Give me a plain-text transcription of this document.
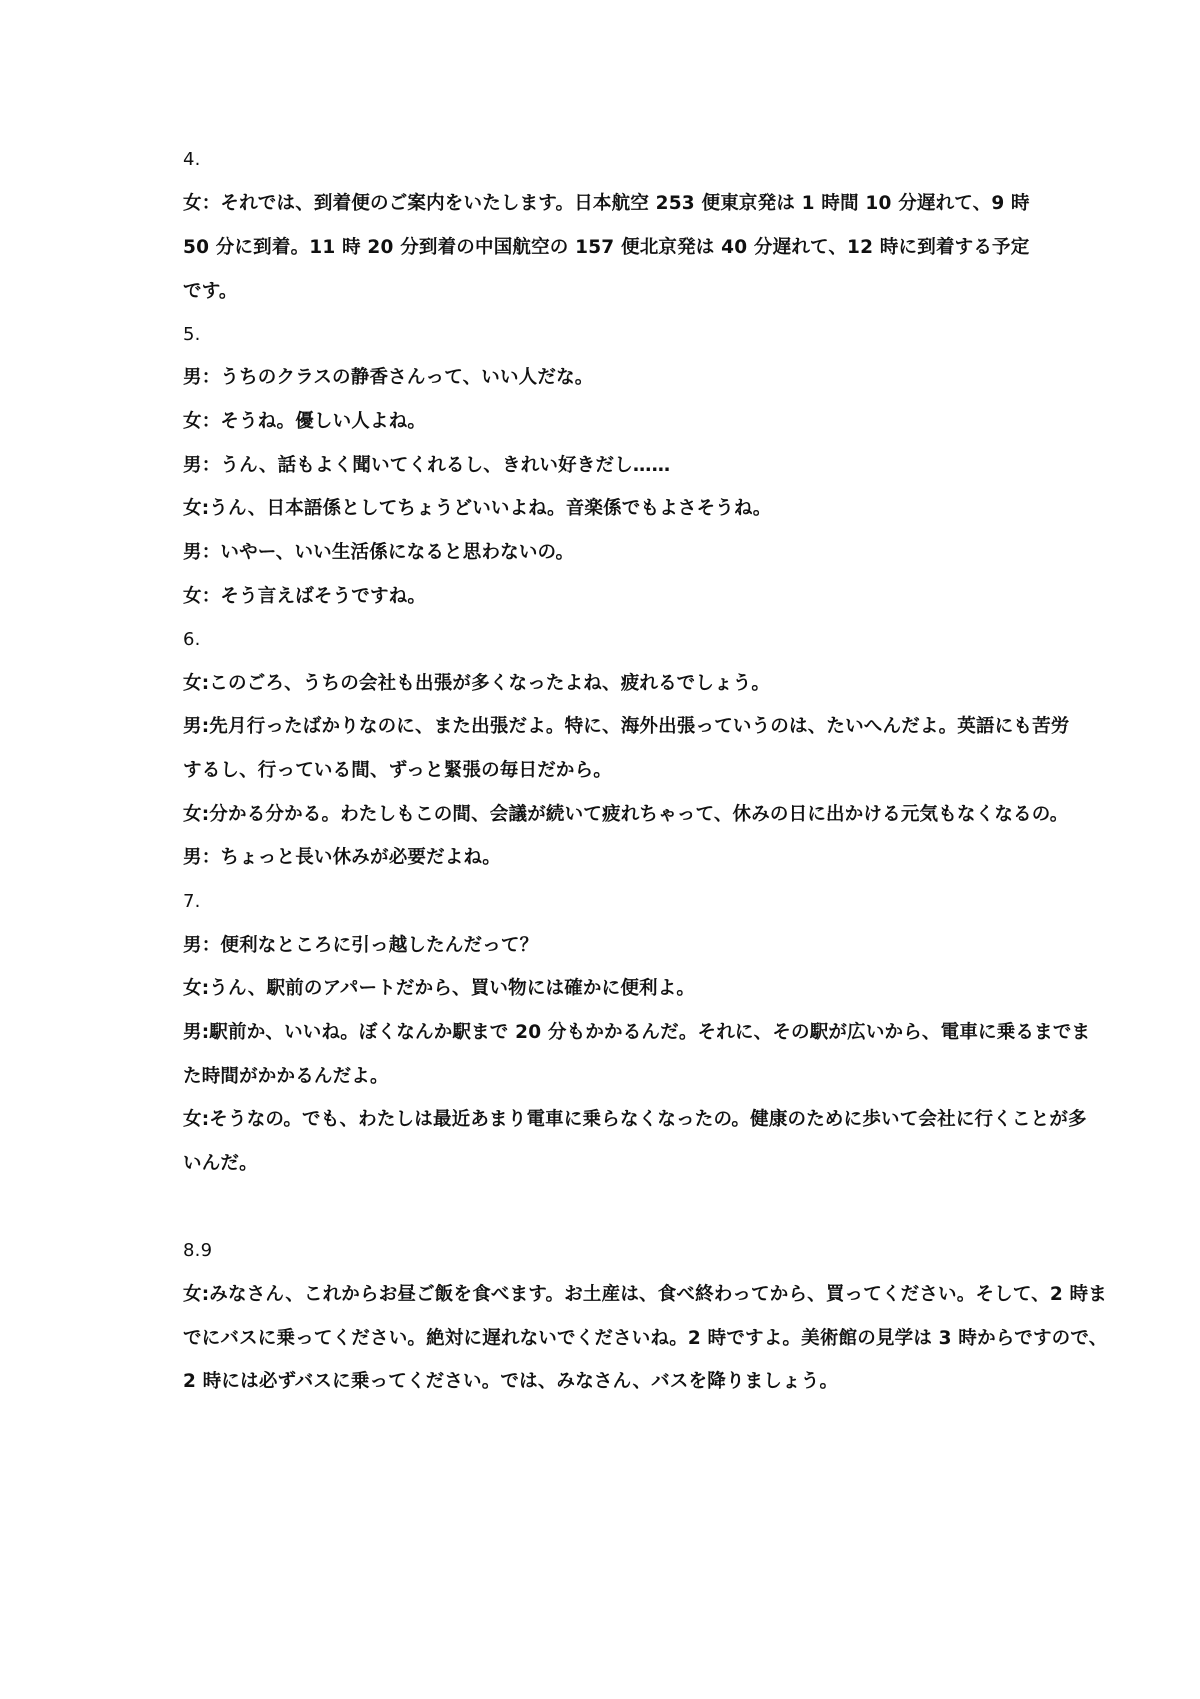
4.
女：それでは、到着便のご案内をいたします。日本航空 253 便東京発は 1 時間 10 分遅れて、9 時
50 分に到着。11 時 20 分到着の中国航空の 157 便北京発は 40 分遅れて、12 時に到着する予定
です。
5.
男：うちのクラスの静香さんって、いい人だな。
女：そうね。優しい人よね。
男：うん、話もよく聞いてくれるし、きれい好きだし……
女:うん、日本語係としてちょうどいいよね。音楽係でもよさそうね。
男：いやー、いい生活係になると思わないの。
女：そう言えばそうですね。
6.
女:このごろ、うちの会社も出張が多くなったよね、疲れるでしょう。
男:先月行ったばかりなのに、また出張だよ。特に、海外出張っていうのは、たいへんだよ。英語にも苦労
するし、行っている間、ずっと緊張の毎日だから。
女:分かる分かる。わたしもこの間、会議が続いて疲れちゃって、休みの日に出かける元気もなくなるの。
男：ちょっと長い休みが必要だよね。
7.
男：便利なところに引っ越したんだって？
女:うん、駅前のアパートだから、買い物には確かに便利よ。
男:駅前か、いいね。ぼくなんか駅まで 20 分もかかるんだ。それに、その駅が広いから、電車に乗るまでま
た時間がかかるんだよ。
女:そうなの。でも、わたしは最近あまり電車に乗らなくなったの。健康のために歩いて会社に行くことが多
いんだ。
8.9
女:みなさん、これからお昼ご飯を食べます。お土産は、食べ終わってから、買ってください。そして、2 時ま
でにバスに乗ってください。絶対に遅れないでくださいね。2 時ですよ。美術館の見学は 3 時からですので、
2 時には必ずバスに乗ってください。では、みなさん、バスを降りましょう。
